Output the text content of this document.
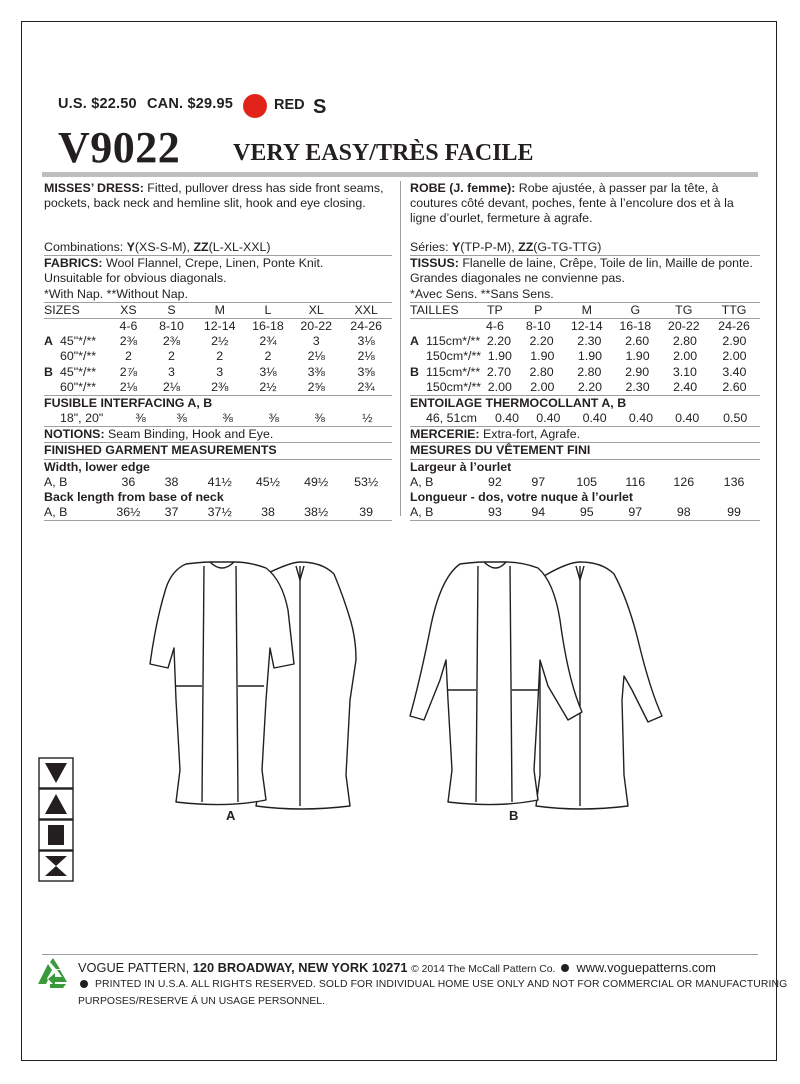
U.S. $22.50 CAN. $29.95	RED S
V9022 VERY EASY/TRÈS FACILE
MISSES’ DRESS: Fitted, pullover dress has side front seams, pockets, back neck and hemline slit, hook and eye closing.
Combinations:
Y (XS-S-M),
ZZ (L-XL-XXL)
FABRICS:
Wool Flannel, Crepe, Linen, Ponte Knit.
Unsuitable for obvious diagonals.
*With Nap. **Without Nap.
SIZES	XS	S	M	L	XL	XXL
4-6	8-10	12-14	16-18	20-22	24-26
A 45"*/**	2⅜	2⅜	2½	2¾	3	3⅛
60"*/**	2	2	2	2	2⅛	2⅛
B 45"*/**	2⅞	3	3	3⅛	3⅜	3⅝
60"*/**	2⅛	2⅛	2⅜	2½	2⅝	2¾
FUSIBLE INTERFACING A, B
18", 20"	⅜	⅜	⅜	⅜	⅜	½
NOTIONS:
Seam Binding, Hook and Eye.
FINISHED GARMENT MEASUREMENTS
Width, lower edge
A, B	36	38	41½	45½	49½	53½
Back length from base of neck
A, B	36½	37	37½	38	38½	39
ROBE (J. femme): Robe ajustée, à passer par la tête, à coutures côté devant, poches, fente à l’encolure dos et à la ligne d’ourlet, fermeture à agrafe.
Séries:
Y (TP-P-M),
ZZ (G-TG-TTG)
TISSUS:
Flanelle de laine, Crêpe, Toile de lin, Maille de ponte.
Grandes diagonales ne convienne pas.
*Avec Sens. **Sans Sens.
TAILLES	TP	P	M	G	TG	TTG
4-6	8-10	12-14	16-18	20-22	24-26
A 115cm*/** 2.20	2.20	2.30	2.60	2.80	2.90
150cm*/** 1.90	1.90	1.90	1.90	2.00	2.00
B 115cm*/** 2.70	2.80	2.80	2.90	3.10	3.40
150cm*/** 2.00	2.00	2.20	2.30	2.40	2.60
ENTOILAGE THERMOCOLLANT A, B
46, 51cm	0.40	0.40	0.40	0.40	0.40	0.50
MERCERIE:
Extra-fort, Agrafe.
MESURES DU VÊTEMENT FINI
Largeur à l’ourlet
A, B	92	97	105	116	126	136
Longueur - dos, votre nuque à l’ourlet
A, B	93	94	95	97	98	99
A	B
VOGUE PATTERN, 120 BROADWAY, NEW YORK 10271 © 2014 The McCall Pattern Co. www.voguepatterns.com
PRINTED IN U.S.A. ALL RIGHTS RESERVED. SOLD FOR INDIVIDUAL HOME USE ONLY AND NOT FOR COMMERCIAL OR MANUFACTURING
PURPOSES/RESERVE Á UN USAGE PERSONNEL.
